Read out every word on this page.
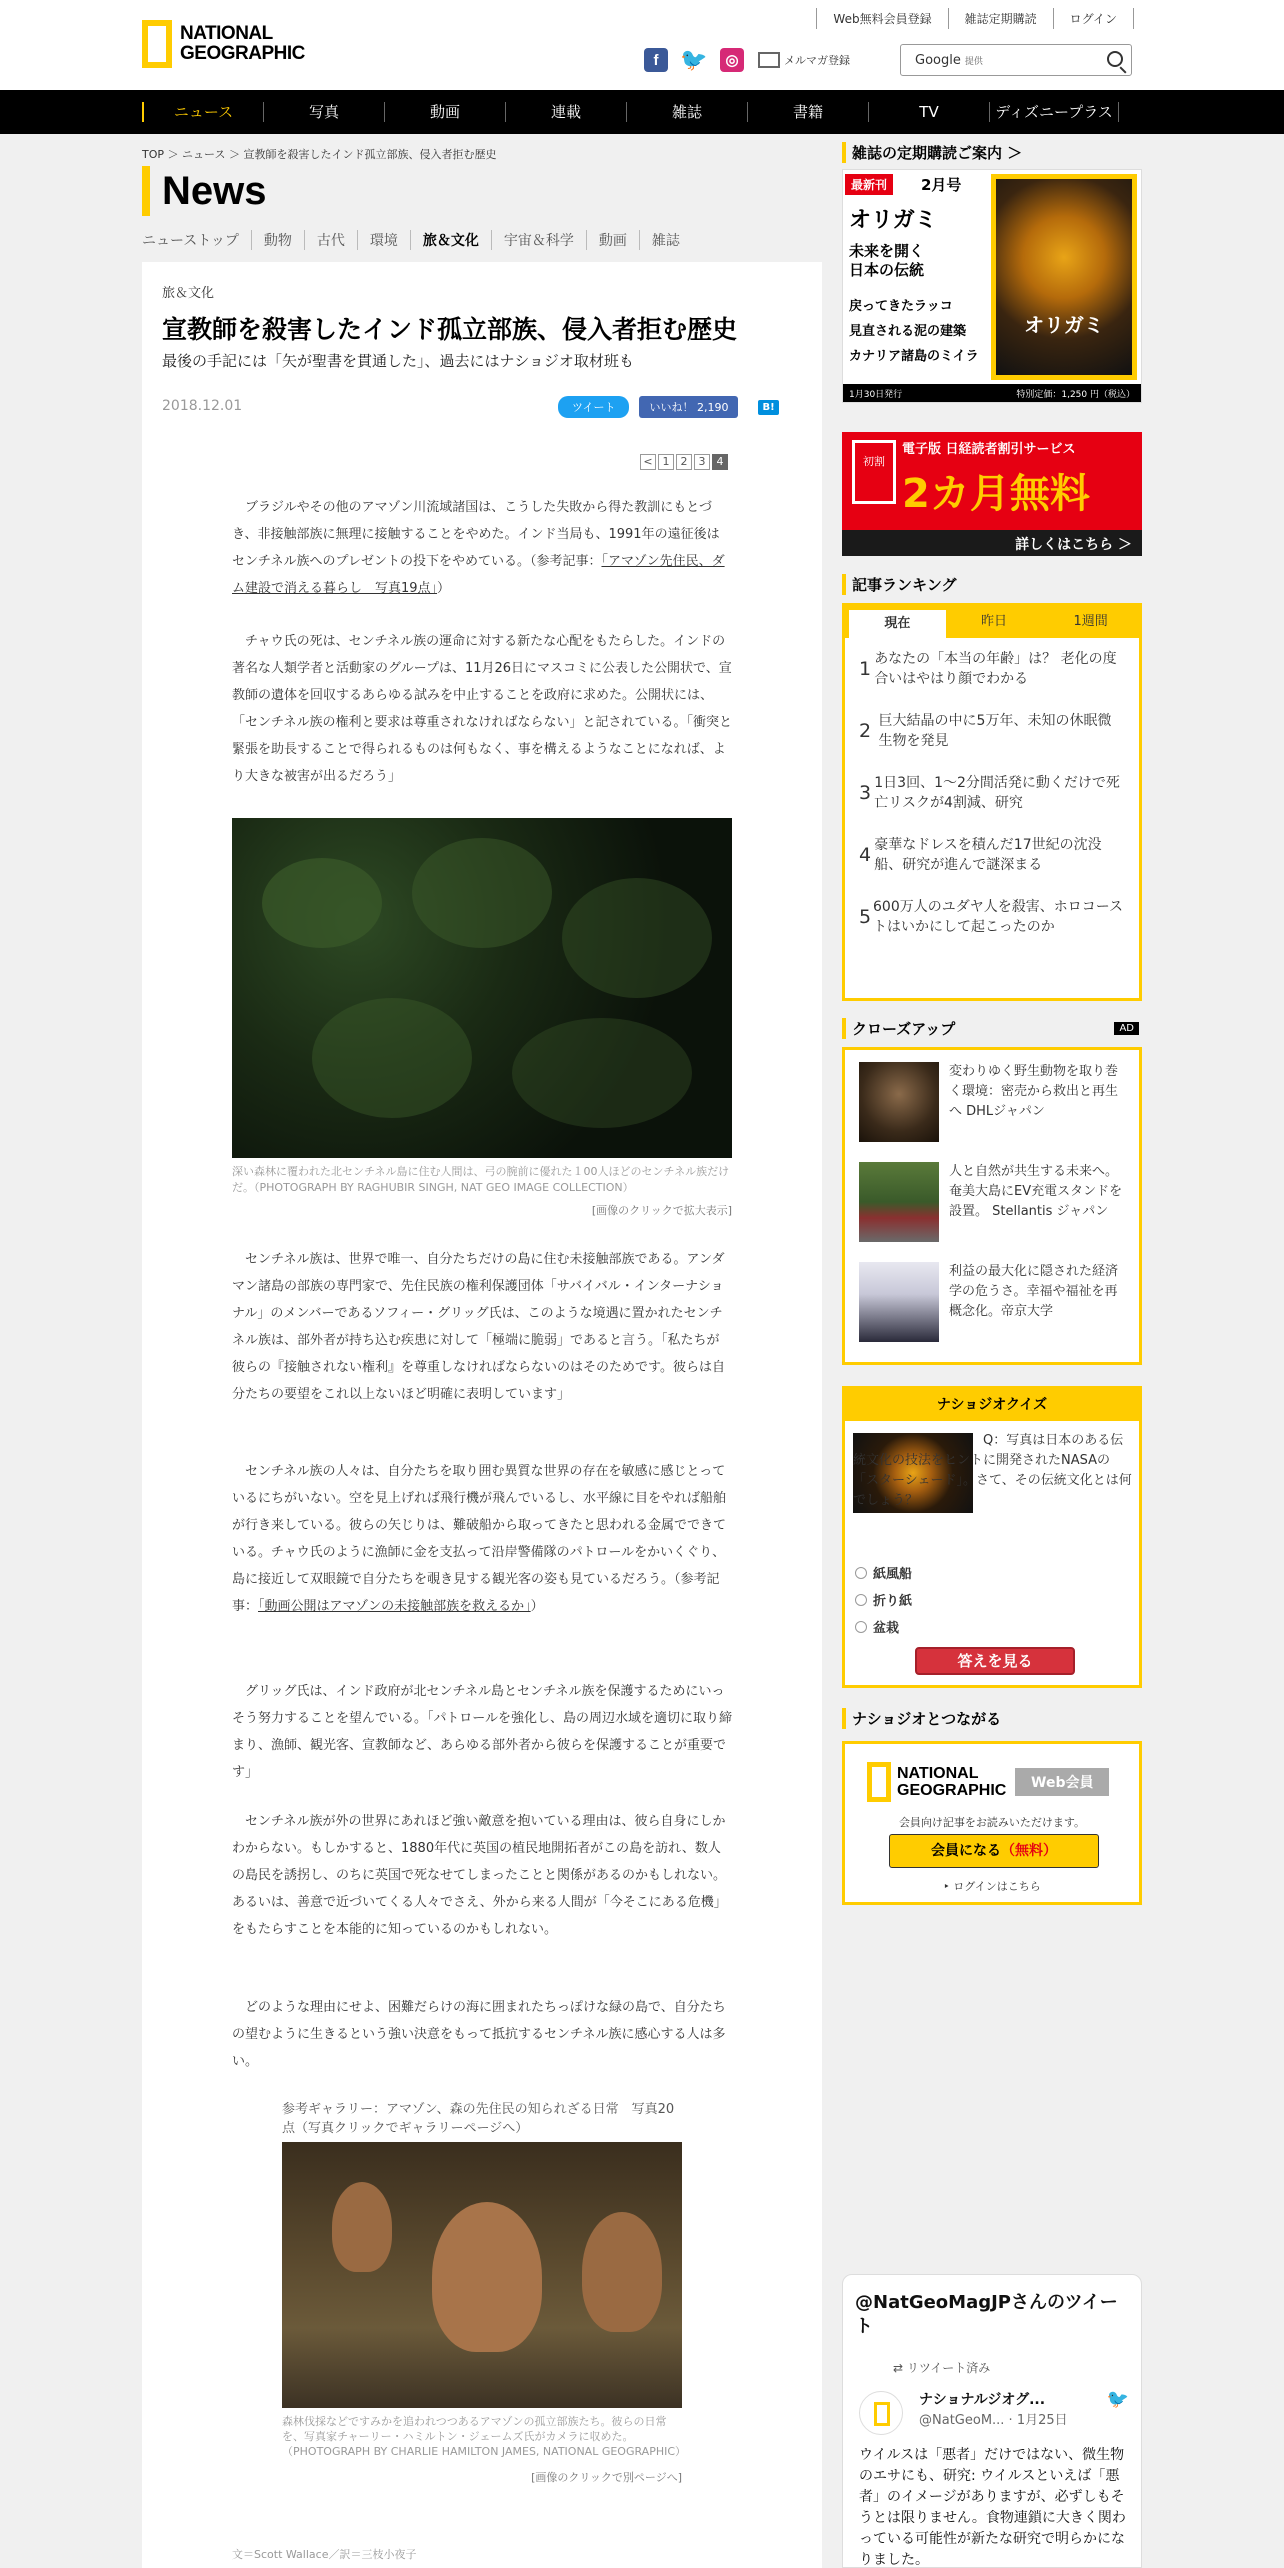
NATIONAL
GEOGRAPHIC
Web無料会員登録	雑誌定期購読	ログイン
f 🐦	◎	メルマガ登録	Google 提供
ニュース	写真	動画	連載	雑誌	書籍	TV	ディズニープラス
TOP ＞ ニュース ＞ 宣教師を殺害したインド孤立部族、侵入者拒む歴史
News
ニューストップ	動物	古代	環境	旅＆文化	宇宙＆科学	動画	雑誌
旅＆文化
宣教師を殺害したインド孤立部族、侵入者拒む歴史
最後の手記には「矢が聖書を貫通した」、過去にはナショジオ取材班も
2018.12.01	ツイート	いいね！ 2,190	B!
< 1	2	3	4

ブラジルやその他のアマゾン川流域諸国は、こうした失敗から得た教訓にもとづき、非接触部族に無理に接触することをやめた。インド当局も、1991年の遠征後はセンチネル族へのプレゼントの投下をやめている。（参考記事：「アマゾン先住民、ダム建設で消える暮らし　写真19点」）

チャウ氏の死は、センチネル族の運命に対する新たな心配をもたらした。インドの著名な人類学者と活動家のグループは、11月26日にマスコミに公表した公開状で、宣教師の遺体を回収するあらゆる試みを中止することを政府に求めた。公開状には、「センチネル族の権利と要求は尊重されなければならない」と記されている。「衝突と緊張を助長することで得られるものは何もなく、事を構えるようなことになれば、より大きな被害が出るだろう」

深い森林に覆われた北センチネル島に住む人間は、弓の腕前に優れた１00人ほどのセンチネル族だけだ。（PHOTOGRAPH BY RAGHUBIR SINGH, NAT GEO IMAGE COLLECTION）
[画像のクリックで拡大表示]

センチネル族は、世界で唯一、自分たちだけの島に住む未接触部族である。アンダマン諸島の部族の専門家で、先住民族の権利保護団体「サバイバル・インターナショナル」のメンバーであるソフィー・グリッグ氏は、このような境遇に置かれたセンチネル族は、部外者が持ち込む疾患に対して「極端に脆弱」であると言う。「私たちが彼らの『接触されない権利』を尊重しなければならないのはそのためです。彼らは自分たちの要望をこれ以上ないほど明確に表明しています」

センチネル族の人々は、自分たちを取り囲む異質な世界の存在を敏感に感じとっているにちがいない。空を見上げれば飛行機が飛んでいるし、水平線に目をやれば船舶が行き来している。彼らの矢じりは、難破船から取ってきたと思われる金属でできている。チャウ氏のように漁師に金を支払って沿岸警備隊のパトロールをかいくぐり、島に接近して双眼鏡で自分たちを覗き見する観光客の姿も見ているだろう。（参考記事：「動画公開はアマゾンの未接触部族を救えるか」）

グリッグ氏は、インド政府が北センチネル島とセンチネル族を保護するためにいっそう努力することを望んでいる。「パトロールを強化し、島の周辺水域を適切に取り締まり、漁師、観光客、宣教師など、あらゆる部外者から彼らを保護することが重要です」

センチネル族が外の世界にあれほど強い敵意を抱いている理由は、彼ら自身にしかわからない。もしかすると、1880年代に英国の植民地開拓者がこの島を訪れ、数人の島民を誘拐し、のちに英国で死なせてしまったことと関係があるのかもしれない。あるいは、善意で近づいてくる人々でさえ、外から来る人間が「今そこにある危機」をもたらすことを本能的に知っているのかもしれない。

どのような理由にせよ、困難だらけの海に囲まれたちっぽけな緑の島で、自分たちの望むように生きるという強い決意をもって抵抗するセンチネル族に感心する人は多い。

参考ギャラリー：アマゾン、森の先住民の知られざる日常　写真20点（写真クリックでギャラリーページへ）
森林伐採などですみかを追われつつあるアマゾンの孤立部族たち。彼らの日常を、写真家チャーリー・ハミルトン・ジェームズ氏がカメラに収めた。（PHOTOGRAPH BY CHARLIE HAMILTON JAMES, NATIONAL GEOGRAPHIC）
[画像のクリックで別ページへ]
文＝Scott Wallace／訳＝三枝小夜子
雑誌の定期購読ご案内 ＞
最新刊	2月号
オリガミ
未来を開く
日本の伝統
戻ってきたラッコ
見直される泥の建築
カナリア諸島のミイラ
オリガミ
1月30日発行	特別定価：1,250 円（税込）
初割
電子版 日経読者割引サービス
2カ月無料
詳しくはこちら ＞
記事ランキング
現在	昨日	1週間
1 あなたの「本当の年齢」は？ 老化の度合いはやはり顔でわかる
2 巨大結晶の中に5万年、未知の休眠微生物を発見
3 1日3回、1～2分間活発に動くだけで死亡リスクが4割減、研究
4 豪華なドレスを積んだ17世紀の沈没船、研究が進んで謎深まる
5 600万人のユダヤ人を殺害、ホロコーストはいかにして起こったのか
クローズアップ	AD
変わりゆく野生動物を取り巻く環境：密売から救出と再生へ DHLジャパン
人と自然が共生する未来へ。奄美大島にEV充電スタンドを設置。 Stellantis ジャパン
利益の最大化に隠された経済学の危うさ。幸福や福祉を再概念化。帝京大学
ナショジオクイズ
Q：写真は日本のある伝統文化の技法をヒントに開発されたNASAの「スターシェード」。さて、その伝統文化とは何でしょう？
紙風船
折り紙
盆栽
答えを見る
ナショジオとつながる
NATIONAL
GEOGRAPHIC	Web会員
会員向け記事をお読みいただけます。
会員になる（無料）
‣ ログインはこちら
@NatGeoMagJPさんのツイート
⇄ リツイート済み
ナショナルジオグ...
@NatGeoM... · 1月25日
🐦
ウイルスは「悪者」だけではない、微生物のエサにも、研究: ウイルスといえば「悪者」のイメージがありますが、必ずしもそうとは限りません。食物連鎖に大きく関わっている可能性が新たな研究で明らかになりました。
